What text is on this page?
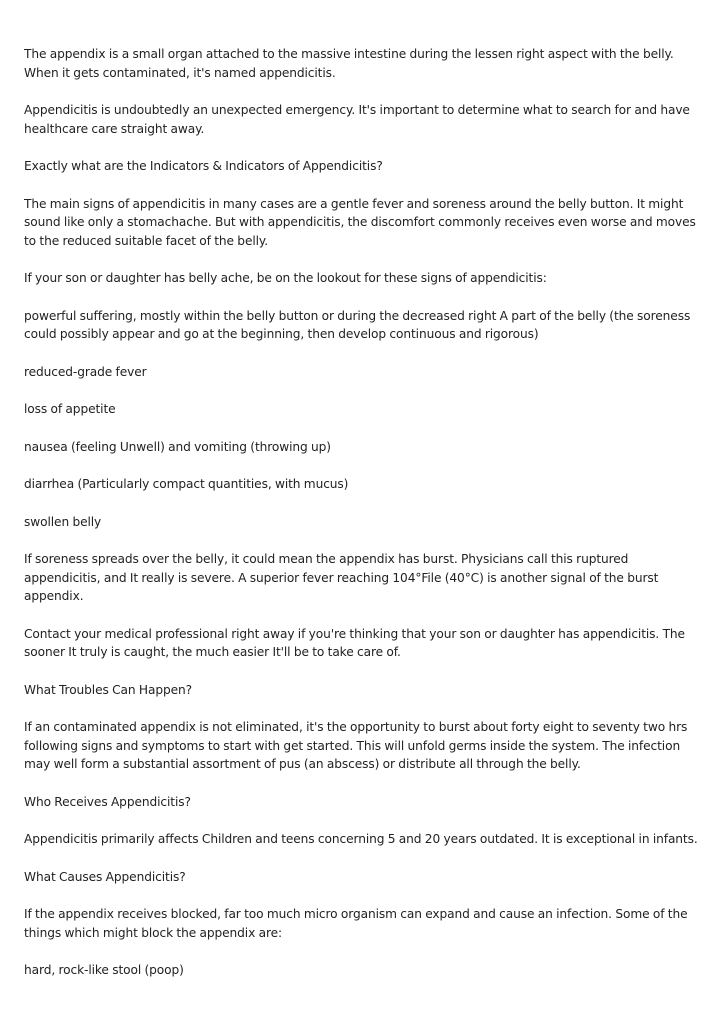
The appendix is a small organ attached to the massive intestine during the lessen right aspect with the belly. When it gets contaminated, it's named appendicitis.

Appendicitis is undoubtedly an unexpected emergency. It's important to determine what to search for and have healthcare care straight away.

Exactly what are the Indicators & Indicators of Appendicitis?

The main signs of appendicitis in many cases are a gentle fever and soreness around the belly button. It might sound like only a stomachache. But with appendicitis, the discomfort commonly receives even worse and moves to the reduced suitable facet of the belly.

If your son or daughter has belly ache, be on the lookout for these signs of appendicitis:

powerful suffering, mostly within the belly button or during the decreased right A part of the belly (the soreness could possibly appear and go at the beginning, then develop continuous and rigorous)

reduced-grade fever

loss of appetite

nausea (feeling Unwell) and vomiting (throwing up)

diarrhea (Particularly compact quantities, with mucus)

swollen belly

If soreness spreads over the belly, it could mean the appendix has burst. Physicians call this ruptured appendicitis, and It really is severe. A superior fever reaching 104°File (40°C) is another signal of the burst appendix.

Contact your medical professional right away if you're thinking that your son or daughter has appendicitis. The sooner It truly is caught, the much easier It'll be to take care of.

What Troubles Can Happen?

If an contaminated appendix is not eliminated, it's the opportunity to burst about forty eight to seventy two hrs following signs and symptoms to start with get started. This will unfold germs inside the system. The infection may well form a substantial assortment of pus (an abscess) or distribute all through the belly.

Who Receives Appendicitis?

Appendicitis primarily affects Children and teens concerning 5 and 20 years outdated. It is exceptional in infants.

What Causes Appendicitis?

If the appendix receives blocked, far too much micro organism can expand and cause an infection. Some of the things which might block the appendix are:

hard, rock-like stool (poop)
